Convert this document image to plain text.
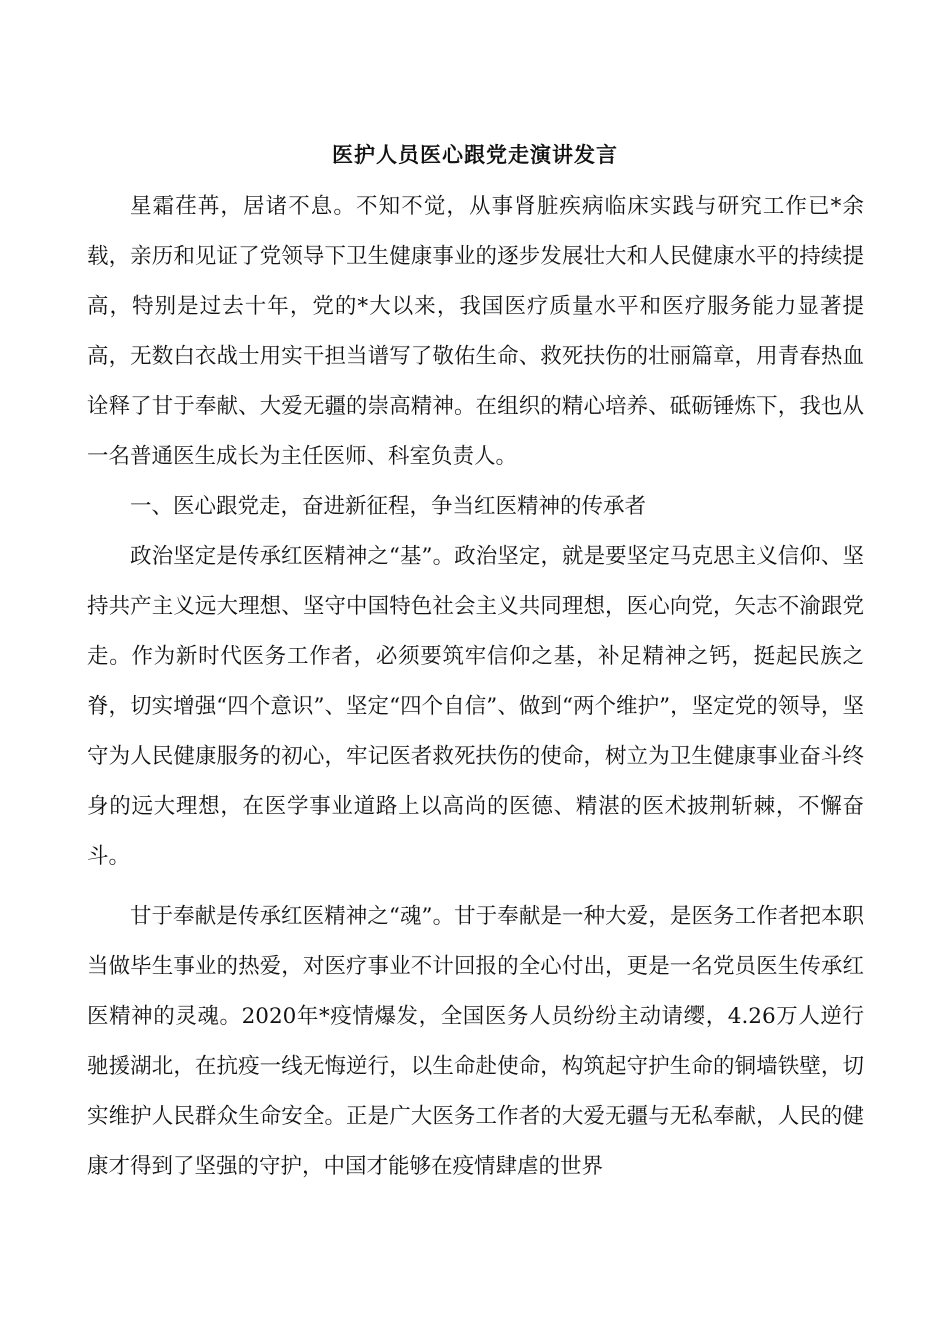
医护人员医心跟党走演讲发言

星霜荏苒，居诸不息。不知不觉，从事肾脏疾病临床实践与研究工作已*余载，亲历和见证了党领导下卫生健康事业的逐步发展壮大和人民健康水平的持续提高，特别是过去十年，党的*大以来，我国医疗质量水平和医疗服务能力显著提高，无数白衣战士用实干担当谱写了敬佑生命、救死扶伤的壮丽篇章，用青春热血诠释了甘于奉献、大爱无疆的崇高精神。在组织的精心培养、砥砺锤炼下，我也从一名普通医生成长为主任医师、科室负责人。

一、医心跟党走，奋进新征程，争当红医精神的传承者

政治坚定是传承红医精神之“基”。政治坚定，就是要坚定马克思主义信仰、坚持共产主义远大理想、坚守中国特色社会主义共同理想，医心向党，矢志不渝跟党走。作为新时代医务工作者，必须要筑牢信仰之基，补足精神之钙，挺起民族之脊，切实增强“四个意识”、坚定“四个自信”、做到“两个维护”，坚定党的领导，坚守为人民健康服务的初心，牢记医者救死扶伤的使命，树立为卫生健康事业奋斗终身的远大理想，在医学事业道路上以高尚的医德、精湛的医术披荆斩棘，不懈奋斗。

甘于奉献是传承红医精神之“魂”。甘于奉献是一种大爱，是医务工作者把本职当做毕生事业的热爱，对医疗事业不计回报的全心付出，更是一名党员医生传承红医精神的灵魂。2020年*疫情爆发，全国医务人员纷纷主动请缨，4.26万人逆行驰援湖北，在抗疫一线无悔逆行，以生命赴使命，构筑起守护生命的铜墙铁壁，切实维护人民群众生命安全。正是广大医务工作者的大爱无疆与无私奉献，人民的健康才得到了坚强的守护，中国才能够在疫情肆虐的世界
